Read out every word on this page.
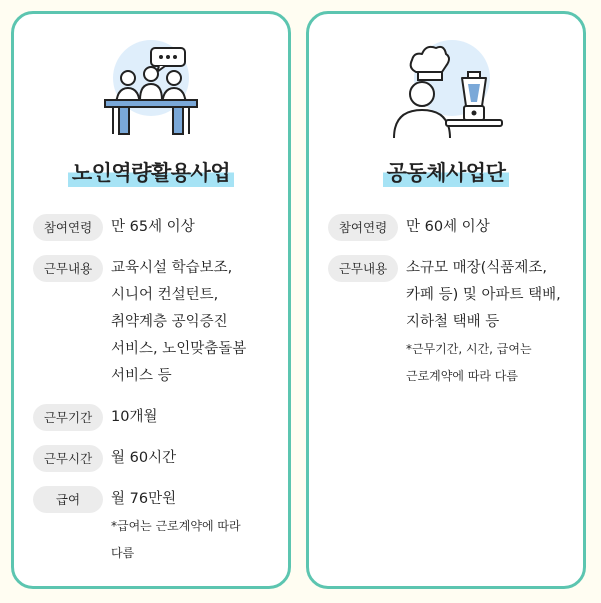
노인역량활용사업
참여연령	만 65세 이상
근무내용	교육시설 학습보조,
시니어 컨설턴트,
취약계층 공익증진
서비스, 노인맞춤돌봄
서비스 등
근무기간	10개월
근무시간	월 60시간
급여	월 76만원
*급여는 근로계약에 따라
다름
공동체사업단
참여연령	만 60세 이상
근무내용	소규모 매장(식품제조,
카페 등) 및 아파트 택배,
지하철 택배 등
*근무기간, 시간, 급여는
근로계약에 따라 다름
